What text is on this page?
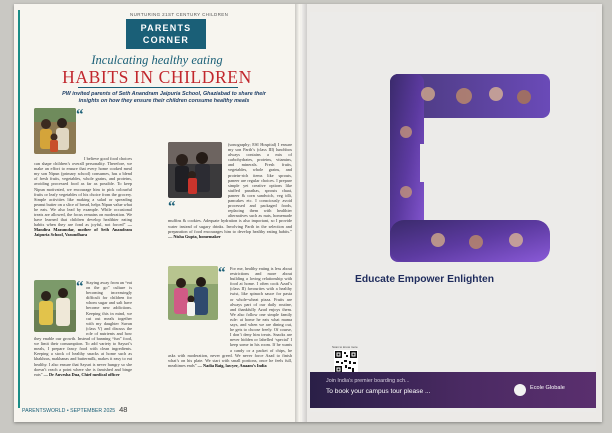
NURTURING 21ST CENTURY CHILDREN
PARENTS
CORNER
Inculcating healthy eating
HABITS IN CHILDREN
PW invited parents of Seth Anandram Jaipuria School, Ghaziabad to share their insights on how they ensure their children consume healthy meals
“
I believe good food choices can shape children’s overall personality. Therefore, we make an effort to ensure that every home cooked meal my son Nipun (primary school) consumes, has a blend of fresh fruits, vegetables, whole grains, and proteins, avoiding processed food as far as possible. To keep Nipun motivated, we encourage him to pick colourful fruits or leafy vegetables of his choice from the grocery. Simple activities like making a salad or spreading peanut butter on a slice of bread, helps Nipun value what he eats. We also lead by example. While occasional treats are allowed, the focus remains on moderation. We have learned that children develop healthier eating habits when they are fond as joyful, not forced” — Mandira Mazumdar, mother of Seth Anandram Jaipuria School, Vasundhara
“ Staying away from an “eat on the go” culture is becoming increasingly difficult for children for whom sugar and salt have become new addictions. Keeping this in mind, we cut out meals together with my daughter Suvan (class V) and discuss the role of nutrients and how they enable our growth. Instead of banning “fun” food, we limit their consumption. To add variety to Sayuri’s meals, I prepare fancy food with clean ingredients. Keeping a stock of healthy snacks at home such as khakhras, makhanas and buttermilk, makes it easy to eat healthy. I also ensure that Sayuri is never hungry so she doesn’t reach a point where she is famished and binge eats” — Dr Anvesha Dua, Chief medical officer
“
(sonography; ESI Hospital) I ensure my son Parth’s (class III) lunchbox always contains a mix of carbohydrates, proteins, vitamins, and minerals. Fresh fruits, vegetables, whole grains, and protein-rich items like sprouts, paneer are regular choices. I prepare simple yet creative options like stuffed parathas, sprouts chaat, paneer & corn sandwich, veg idli, pancakes etc. I consciously avoid processed and packaged foods, replacing them with healthier alternatives such as nuts, homemade muffins & cookies. Adequate hydration is also important, so I provide water instead of sugary drinks. Involving Parth in the selection and preparation of food encourages him to develop healthy eating habits.” — Nisha Gupta, homemaker
“	For me, healthy eating is less about restrictions and more about building a loving relationship with food at home. I often cook Azad’s (class II) favourites with a healthy twist, like spinach sauce for pasta or whole-wheat pizza. Fruits are always part of our daily routine, and thankfully Azad enjoys them. We also follow one simple family rule: at home he eats what mama says, and when we are dining out, he gets to choose freely. Of course, I don’t deny him treats. Snacks are never hidden or labelled ‘special’ I keep some in his room. If he wants a candy or a packet of chips, he asks with moderation, never greed. We never force Azad to finish what’s on his plate. We start with small portions, once he feels full, mealtimes ends” — Nadia Baig, lawyer, Anaam’s India
PARENTSWORLD • SEPTEMBER 2025 48
Educate Empower Enlighten
Scan to know more
Join India’s premier boarding sch...
To book your campus tour please ...	Ecole Globale
